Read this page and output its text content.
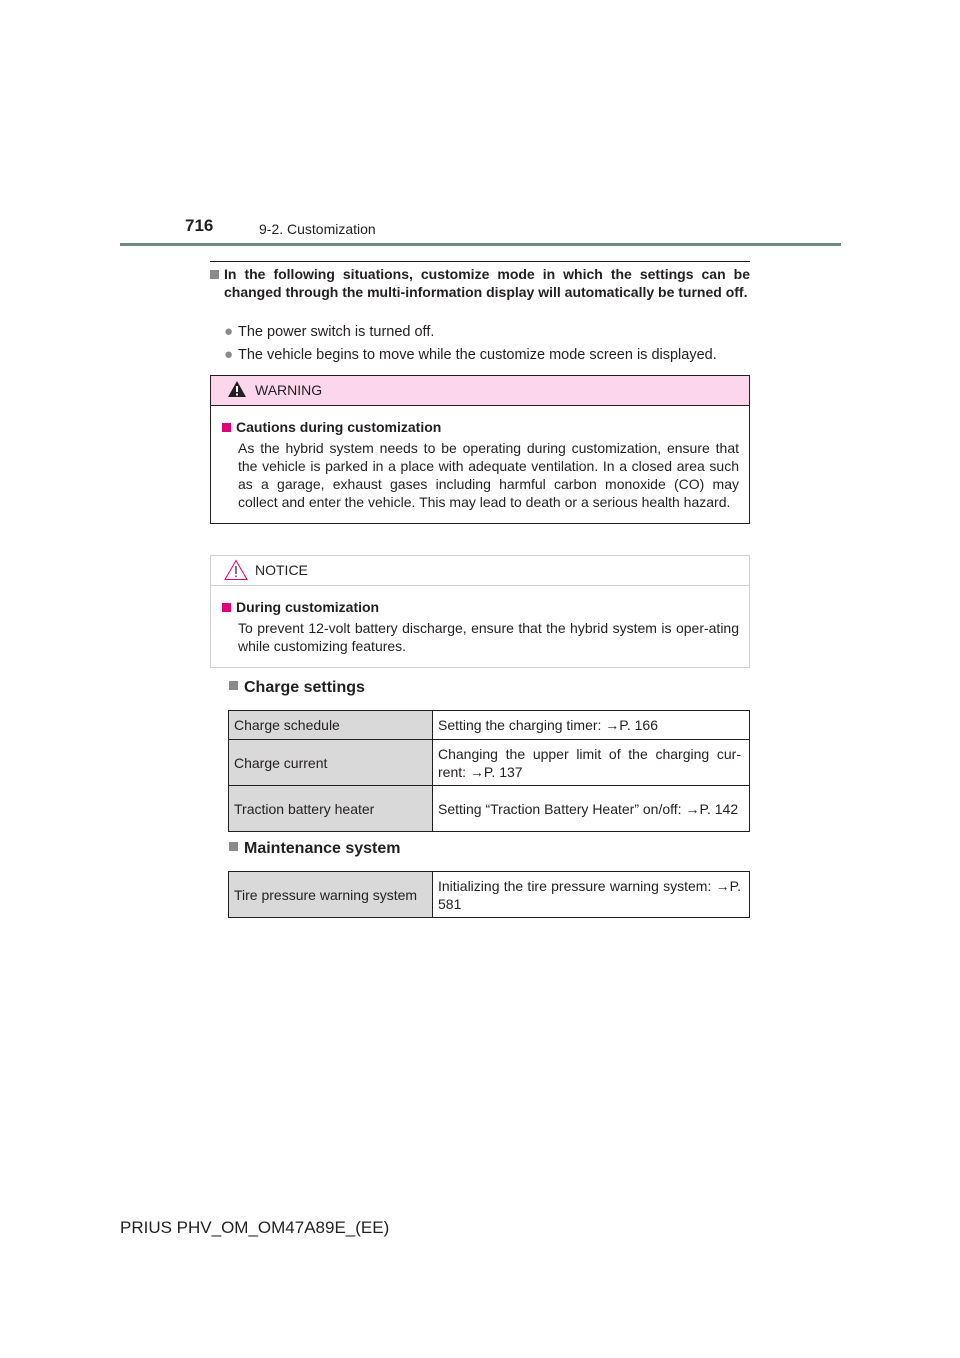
716	9-2. Customization
In the following situations, customize mode in which the settings can be changed through the multi-information display will automatically be turned off.
● The power switch is turned off.
● The vehicle begins to move while the customize mode screen is displayed.
WARNING
Cautions during customization
As the hybrid system needs to be operating during customization, ensure that the vehicle is parked in a place with adequate ventilation. In a closed area such as a garage, exhaust gases including harmful carbon monoxide (CO) may collect and enter the vehicle. This may lead to death or a serious health hazard.
NOTICE
During customization
To prevent 12-volt battery discharge, ensure that the hybrid system is oper-ating while customizing features.
Charge settings
Charge schedule	Setting the charging timer: →P. 166
Charge current	Changing the upper limit of the charging cur-rent: →P. 137
Traction battery heater	Setting “Traction Battery Heater” on/off: →P. 142
Maintenance system
Tire pressure warning system	Initializing the tire pressure warning system: →P. 581
PRIUS PHV_OM_OM47A89E_(EE)
